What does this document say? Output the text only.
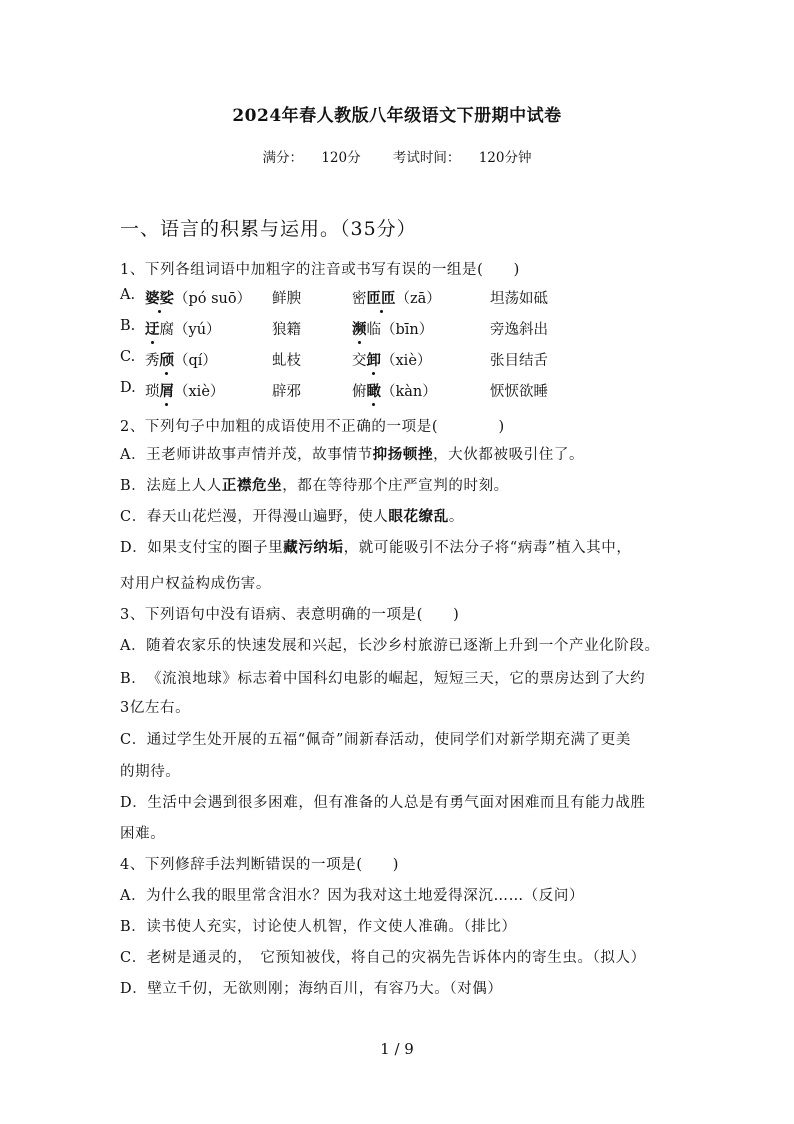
2024年春人教版八年级语文下册期中试卷
满分： 120分 考试时间： 120分钟
一、语言的积累与运用。（35分）
1、下列各组词语中加粗字的注音或书写有误的一组是(　　)
A. 婆娑（pó suō） 鲜腴	密匝匝（zā）	坦荡如砥
B. 迂腐（yú）	狼籍	濒临（bīn）	旁逸斜出
C. 秀颀（qí）	虬枝	交卸（xiè）	张目结舌
D. 琐屑（xiè）	辟邪	俯瞰（kàn）	恹恹欲睡
2、下列句子中加粗的成语使用不正确的一项是(　　　　)
A．王老师讲故事声情并茂，故事情节抑扬顿挫，大伙都被吸引住了。
B．法庭上人人正襟危坐，都在等待那个庄严宣判的时刻。
C．春天山花烂漫，开得漫山遍野，使人眼花缭乱。
D．如果支付宝的圈子里藏污纳垢，就可能吸引不法分子将“病毒”植入其中，
对用户权益构成伤害。
3、下列语句中没有语病、表意明确的一项是(　　)
A．随着农家乐的快速发展和兴起，长沙乡村旅游已逐渐上升到一个产业化阶段。
B．　《流浪地球》标志着中国科幻电影的崛起，短短三天，它的票房达到了大约
3亿左右。
C．通过学生处开展的五福“佩奇”闹新春活动，使同学们对新学期充满了更美
的期待。
D．生活中会遇到很多困难，但有准备的人总是有勇气面对困难而且有能力战胜
困难。
4、下列修辞手法判断错误的一项是(　　)
A．为什么我的眼里常含泪水？因为我对这土地爱得深沉……（反问）
B．读书使人充实，讨论使人机智，作文使人准确。（排比）
C．老树是通灵的，　它预知被伐，将自己的灾祸先告诉体内的寄生虫。（拟人）
D．壁立千仞，无欲则刚；海纳百川，有容乃大。（对偶）
1 / 9
